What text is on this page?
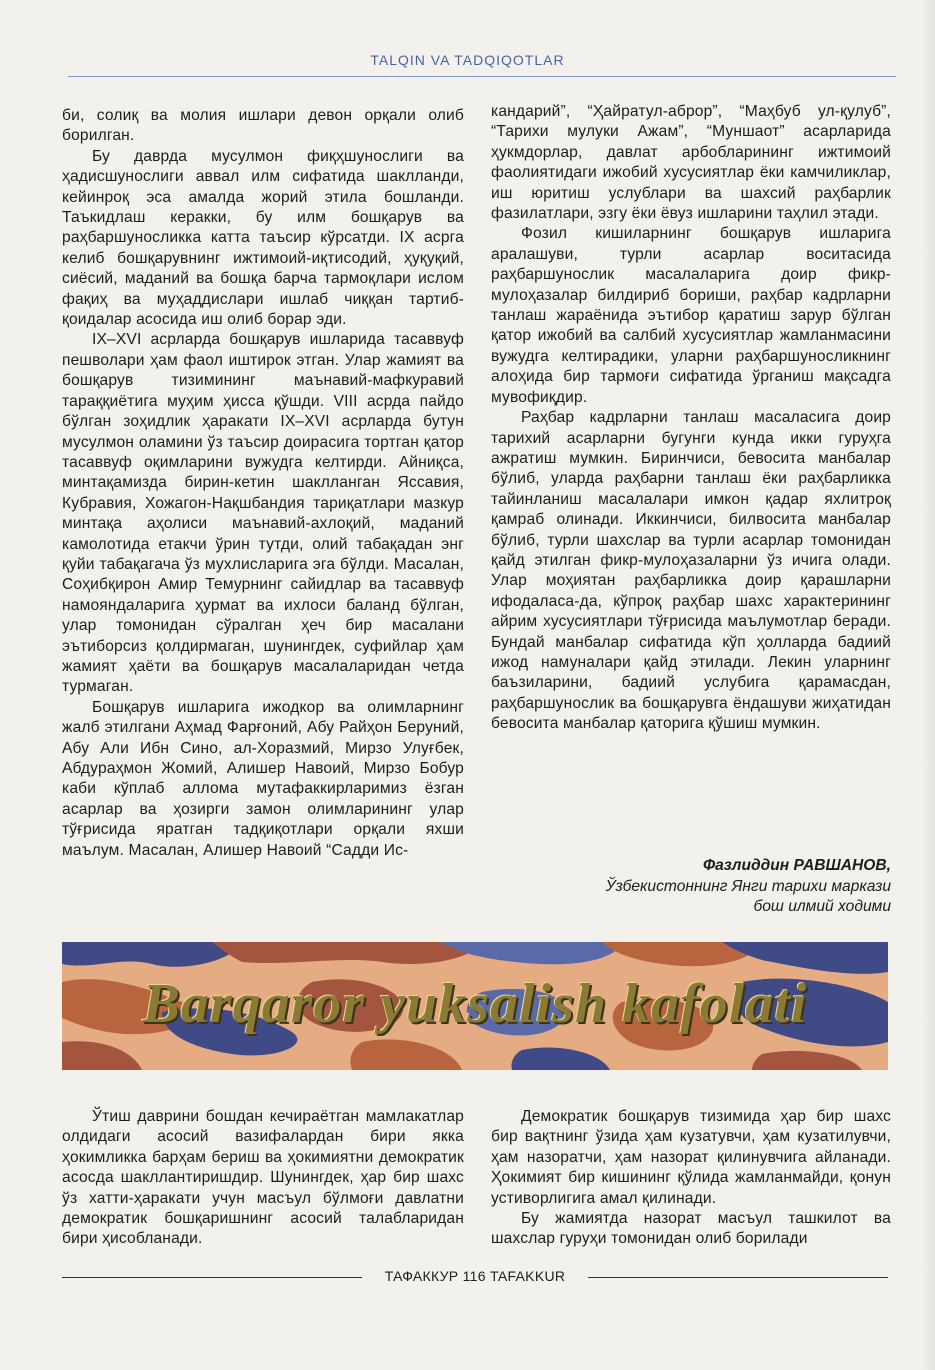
TALQIN VA TADQIQOTLAR

би, солиқ ва молия ишлари девон орқали олиб борилган.

Бу даврда мусулмон фиқҳшунослиги ва ҳадисшунослиги аввал илм сифатида шаклланди, кейинроқ эса амалда жорий этила бошланди. Таъкидлаш керакки, бу илм бошқарув ва раҳбаршуносликка катта таъсир кўрсатди. IX асрга келиб бошқарувнинг ижтимоий-иқтисодий, ҳуқуқий, сиёсий, маданий ва бошқа барча тармоқлари ислом фақиҳ ва муҳаддислари ишлаб чиққан тартиб-қоидалар асосида иш олиб борар эди.

IX–XVI асрларда бошқарув ишларида тасаввуф пешволари ҳам фаол иштирок этган. Улар жамият ва бошқарув тизимининг маънавий-мафкуравий тараққиётига муҳим ҳисса қўшди. VIII асрда пайдо бўлган зоҳидлик ҳаракати IX–XVI асрларда бутун мусулмон оламини ўз таъсир доирасига тортган қатор тасаввуф оқимларини вужудга келтирди. Айниқса, минтақамизда бирин-кетин шаклланган Яссавия, Кубравия, Хожагон-Нақшбандия тариқатлари мазкур минтақа аҳолиси маънавий-ахлоқий, маданий камолотида етакчи ўрин тутди, олий табақадан энг қуйи табақагача ўз мухлисларига эга бўлди. Масалан, Соҳибқирон Амир Темурнинг сайидлар ва тасаввуф намояндаларига ҳурмат ва ихлоси баланд бўлган, улар томонидан сўралган ҳеч бир масалани эътиборсиз қолдирмаган, шунингдек, суфийлар ҳам жамият ҳаёти ва бошқарув масалаларидан четда турмаган.

Бошқарув ишларига ижодкор ва олимларнинг жалб этилгани Аҳмад Фарғоний, Абу Райҳон Беруний, Абу Али Ибн Сино, ал-Хоразмий, Мирзо Улуғбек, Абдураҳмон Жомий, Алишер Навоий, Мирзо Бобур каби кўплаб аллома мутафаккирларимиз ёзган асарлар ва ҳозирги замон олимларининг улар тўғрисида яратган тадқиқотлари орқали яхши маълум. Масалан, Алишер Навоий “Садди Ис-

кандарий”, “Ҳайратул-аброр”, “Маҳбуб ул-қулуб”, “Тарихи мулуки Ажам”, “Муншаот” асарларида ҳукмдорлар, давлат арбобларининг ижтимоий фаолиятидаги ижобий хусусиятлар ёки камчиликлар, иш юритиш услублари ва шахсий раҳбарлик фазилатлари, эзгу ёки ёвуз ишларини таҳлил этади.

Фозил кишиларнинг бошқарув ишларига аралашуви, турли асарлар воситасида раҳбаршунослик масалаларига доир фикр-мулоҳазалар билдириб бориши, раҳбар кадрларни танлаш жараёнида эътибор қаратиш зарур бўлган қатор ижобий ва салбий хусусиятлар жамланмасини вужудга келтирадики, уларни раҳбаршуносликнинг алоҳида бир тармоғи сифатида ўрганиш мақсадга мувофиқдир.

Раҳбар кадрларни танлаш масаласига доир тарихий асарларни бугунги кунда икки гуруҳга ажратиш мумкин. Биринчиси, бевосита манбалар бўлиб, уларда раҳбарни танлаш ёки раҳбарликка тайинланиш масалалари имкон қадар яхлитроқ қамраб олинади. Иккинчиси, билвосита манбалар бўлиб, турли шахслар ва турли асарлар томонидан қайд этилган фикр-мулоҳазаларни ўз ичига олади. Улар моҳиятан раҳбарликка доир қарашларни ифодаласа-да, кўпроқ раҳбар шахс характерининг айрим хусусиятлари тўғрисида маълумотлар беради. Бундай манбалар сифатида кўп ҳолларда бадиий ижод намуналари қайд этилади. Лекин уларнинг баъзиларини, бадиий услубига қарамасдан, раҳбаршунослик ва бошқарувга ёндашуви жиҳатидан бевосита манбалар қаторига қўшиш мумкин.

Фазлиддин РАВШАНОВ,
Ўзбекистоннинг Янги тарихи маркази
бош илмий ходими
Barqaror yuksalish kafolati

Ўтиш даврини бошдан кечираётган мамлакатлар олдидаги асосий вазифалардан бири якка ҳокимликка барҳам бериш ва ҳокимиятни демократик асосда шакллантиришдир. Шунингдек, ҳар бир шахс ўз хатти-ҳаракати учун масъул бўлмоғи давлатни демократик бошқаришнинг асосий талабларидан бири ҳисобланади.

Демократик бошқарув тизимида ҳар бир шахс бир вақтнинг ўзида ҳам кузатувчи, ҳам кузатилувчи, ҳам назоратчи, ҳам назорат қилинувчига айланади. Ҳокимият бир кишининг қўлида жамланмайди, қонун устиворлигига амал қилинади.

Бу жамиятда назорат масъул ташкилот ва шахслар гуруҳи томонидан олиб борилади

ТАФАККУР 116 TAFAKKUR
